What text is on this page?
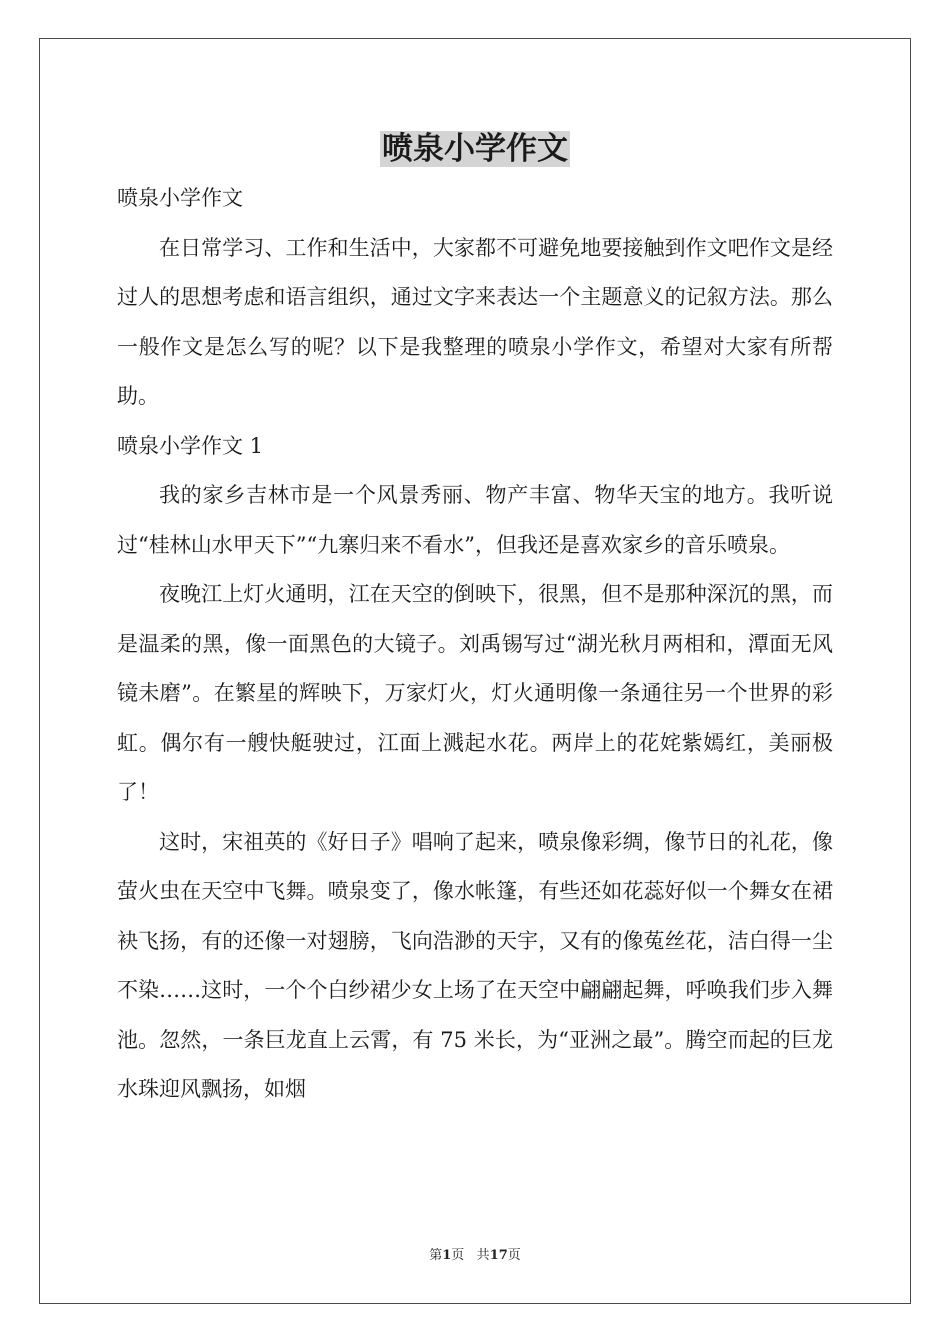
喷泉小学作文

喷泉小学作文

在日常学习、工作和生活中，大家都不可避免地要接触到作文吧作文是经过人的思想考虑和语言组织，通过文字来表达一个主题意义的记叙方法。那么一般作文是怎么写的呢？以下是我整理的喷泉小学作文，希望对大家有所帮助。

喷泉小学作文 1

我的家乡吉林市是一个风景秀丽、物产丰富、物华天宝的地方。我听说过“桂林山水甲天下”“九寨归来不看水”，但我还是喜欢家乡的音乐喷泉。

夜晚江上灯火通明，江在天空的倒映下，很黑，但不是那种深沉的黑，而是温柔的黑，像一面黑色的大镜子。刘禹锡写过“湖光秋月两相和，潭面无风镜未磨”。在繁星的辉映下，万家灯火，灯火通明像一条通往另一个世界的彩虹。偶尔有一艘快艇驶过，江面上溅起水花。两岸上的花姹紫嫣红，美丽极了！

这时，宋祖英的《好日子》唱响了起来，喷泉像彩绸，像节日的礼花，像萤火虫在天空中飞舞。喷泉变了，像水帐篷，有些还如花蕊好似一个舞女在裙袂飞扬，有的还像一对翅膀，飞向浩渺的天宇，又有的像菟丝花，洁白得一尘不染……这时，一个个白纱裙少女上场了在天空中翩翩起舞，呼唤我们步入舞池。忽然，一条巨龙直上云霄，有 75 米长，为“亚洲之最”。腾空而起的巨龙水珠迎风飘扬，如烟

第1页 共17页
